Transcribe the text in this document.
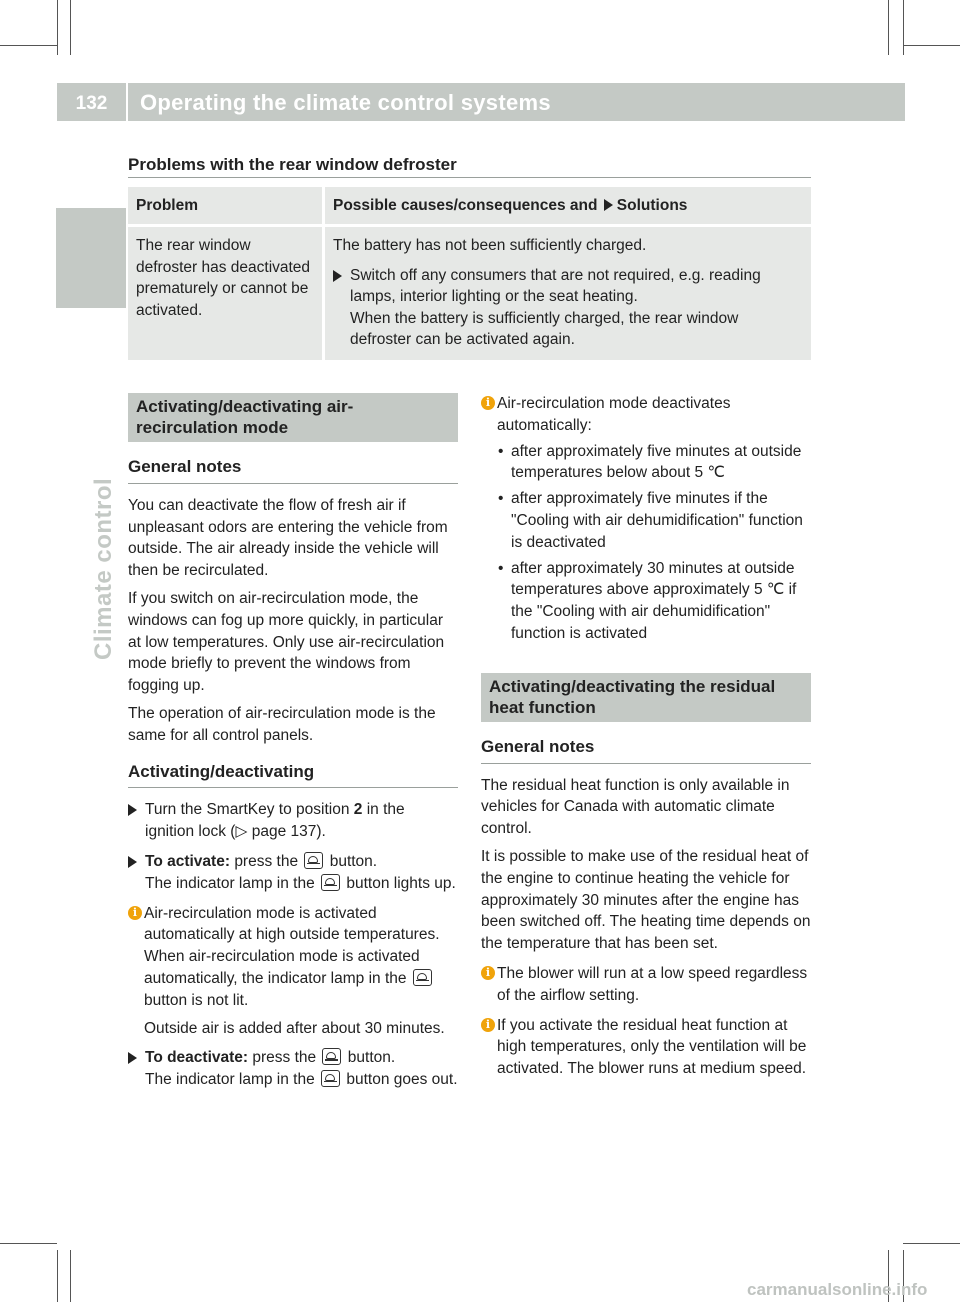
132	Operating the climate control systems
Climate control
Problems with the rear window defroster
Problem	Possible causes/consequences and Solutions
The rear window defroster has deactivated prematurely or cannot be activated.	The battery has not been sufficiently charged.
Switch off any consumers that are not required, e.g. reading lamps, interior lighting or the seat heating.
When the battery is sufficiently charged, the rear window defroster can be activated again.
Activating/deactivating air-recirculation mode
General notes

You can deactivate the flow of fresh air if unpleasant odors are entering the vehicle from outside. The air already inside the vehicle will then be recirculated.

If you switch on air-recirculation mode, the windows can fog up more quickly, in particular at low temperatures. Only use air-recirculation mode briefly to prevent the windows from fogging up.

The operation of air-recirculation mode is the same for all control panels.

Activating/deactivating
Turn the SmartKey to position 2 in the ignition lock (▷ page 137).
To activate: press the button.
The indicator lamp in the button lights up.
i Air-recirculation mode is activated automatically at high outside temperatures. When air-recirculation mode is activated automatically, the indicator lamp in the  button is not lit.
Outside air is added after about 30 minutes.
To deactivate: press the button.
The indicator lamp in the button goes out.
i Air-recirculation mode deactivates automatically:
• after approximately five minutes at outside temperatures below about 5 ℃
• after approximately five minutes if the "Cooling with air dehumidification" function is deactivated
• after approximately 30 minutes at outside temperatures above approximately 5 ℃ if the "Cooling with air dehumidification" function is activated
Activating/deactivating the residual heat function
General notes

The residual heat function is only available in vehicles for Canada with automatic climate control.

It is possible to make use of the residual heat of the engine to continue heating the vehicle for approximately 30 minutes after the engine has been switched off. The heating time depends on the temperature that has been set.

i The blower will run at a low speed regardless of the airflow setting.
i If you activate the residual heat function at high temperatures, only the ventilation will be activated. The blower runs at medium speed.
carmanualsonline.info
